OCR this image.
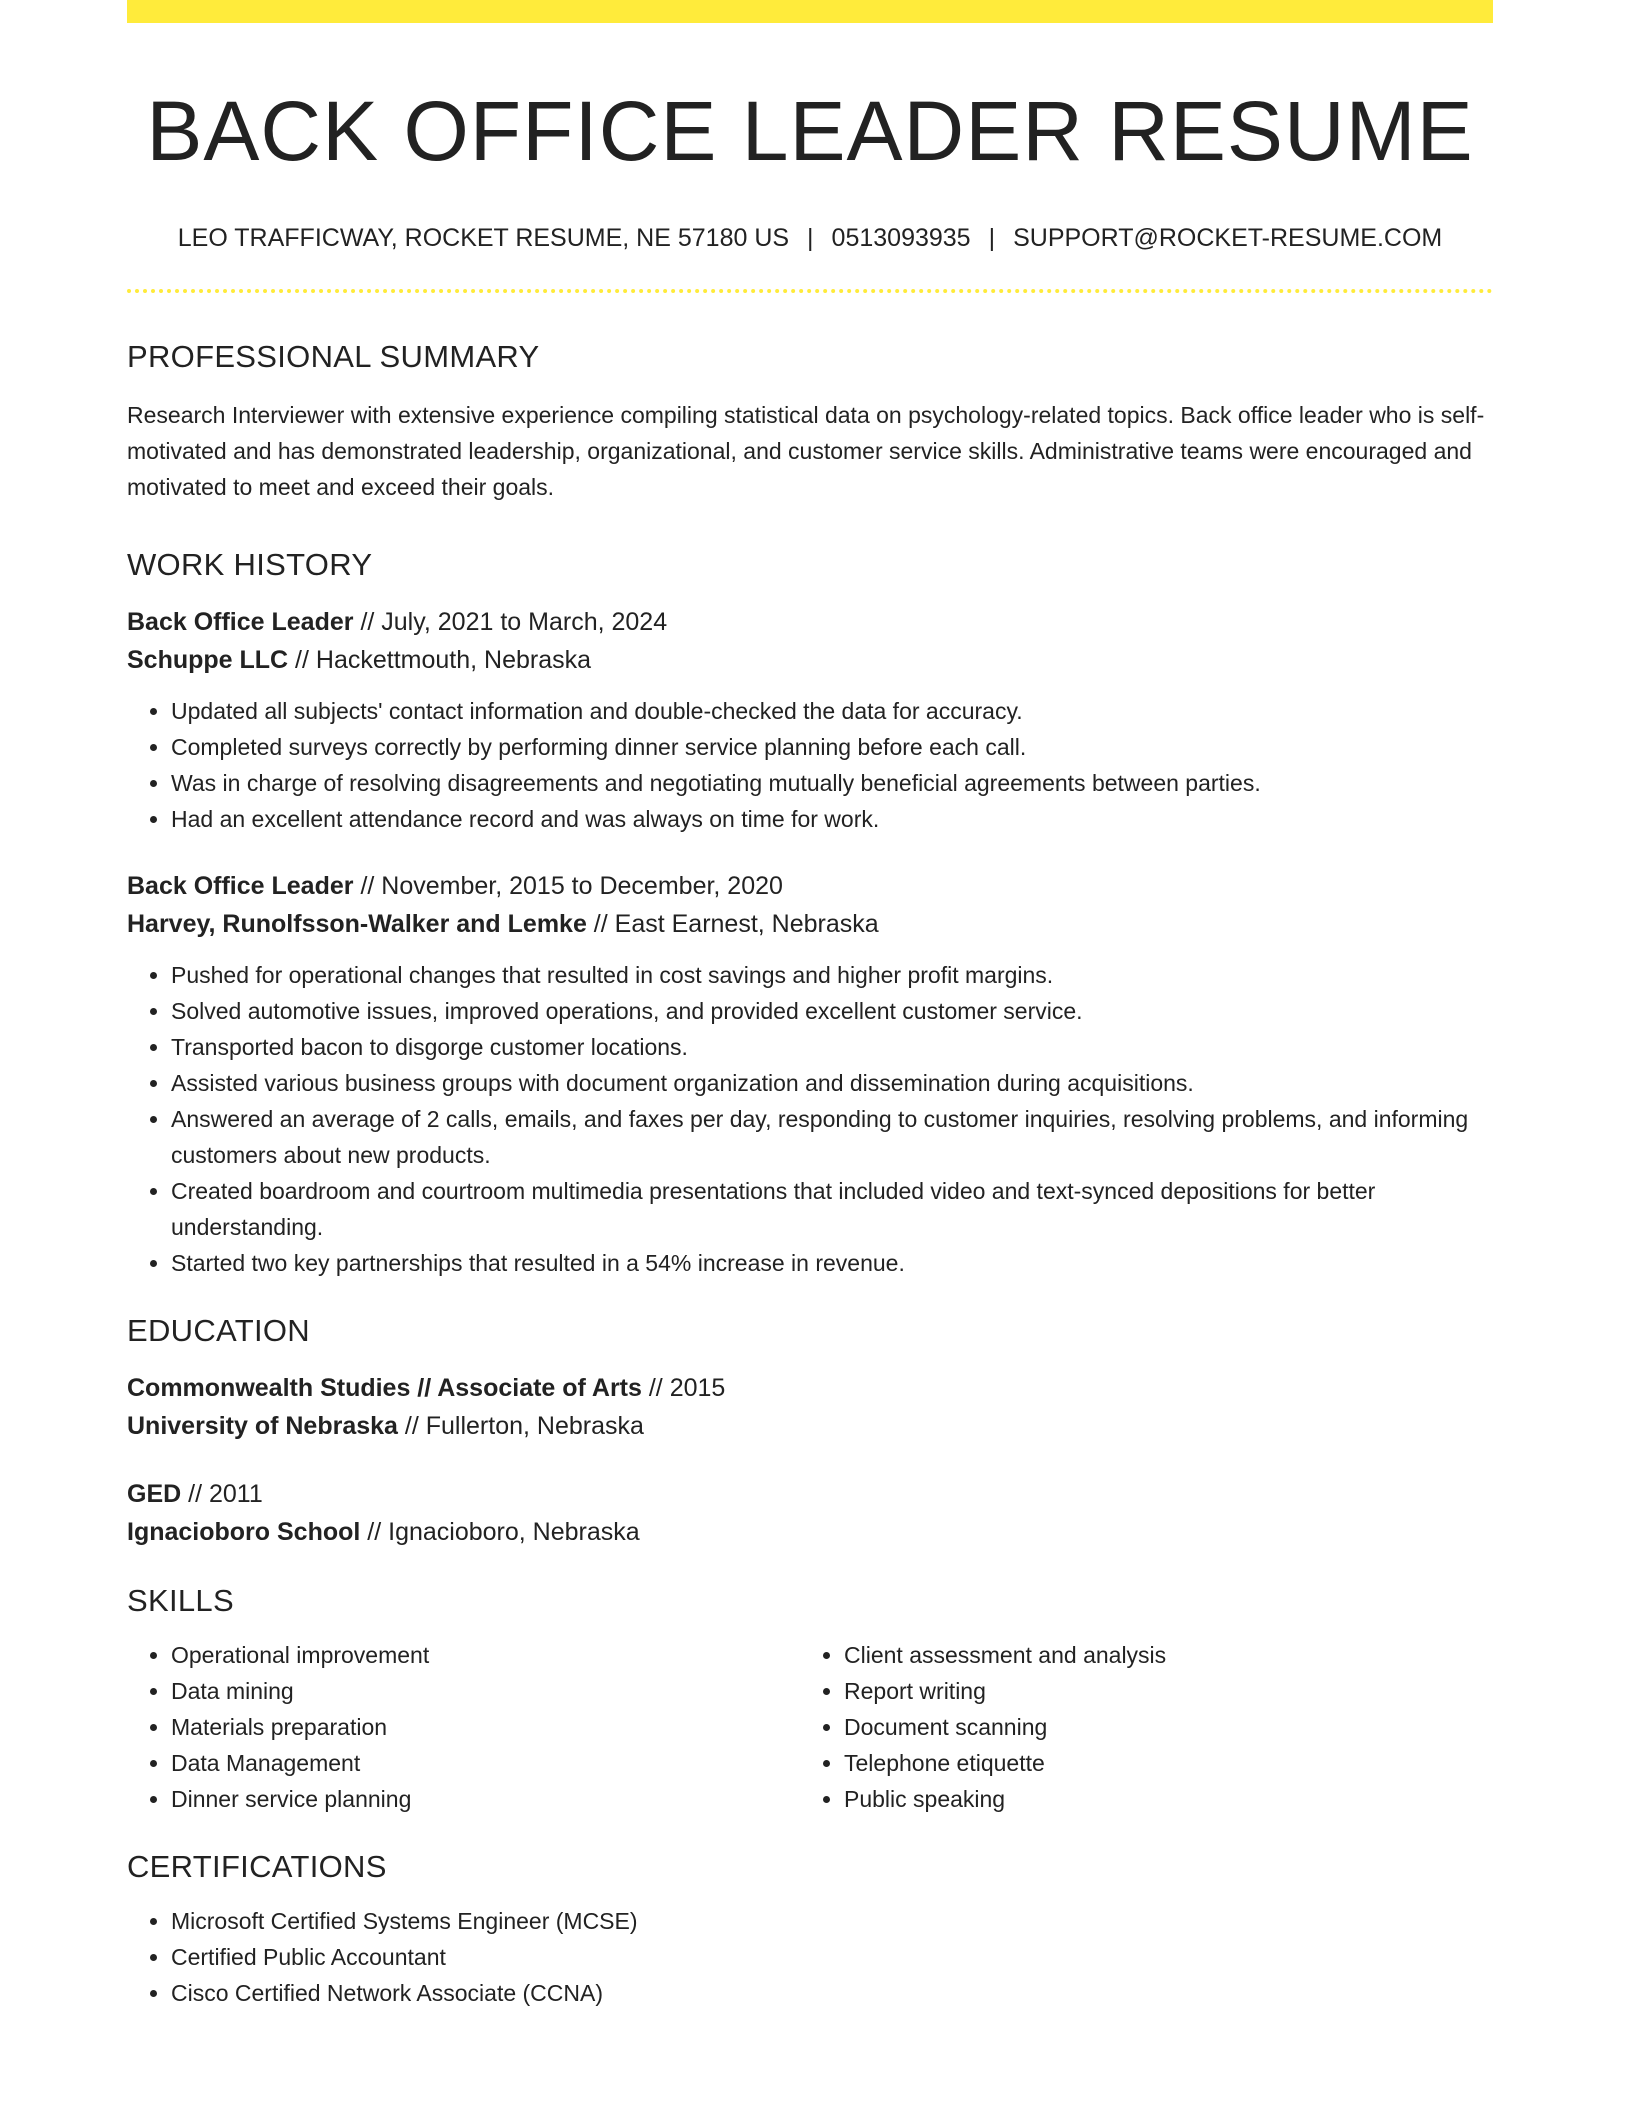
BACK OFFICE LEADER RESUME
LEO TRAFFICWAY, ROCKET RESUME, NE 57180 US | 0513093935 | SUPPORT@ROCKET-RESUME.COM
PROFESSIONAL SUMMARY
Research Interviewer with extensive experience compiling statistical data on psychology-related topics. Back office leader who is self-motivated and has demonstrated leadership, organizational, and customer service skills. Administrative teams were encouraged and motivated to meet and exceed their goals.
WORK HISTORY
Back Office Leader // July, 2021 to March, 2024
Schuppe LLC // Hackettmouth, Nebraska
• Updated all subjects' contact information and double-checked the data for accuracy.
• Completed surveys correctly by performing dinner service planning before each call.
• Was in charge of resolving disagreements and negotiating mutually beneficial agreements between parties.
• Had an excellent attendance record and was always on time for work.
Back Office Leader // November, 2015 to December, 2020
Harvey, Runolfsson-Walker and Lemke // East Earnest, Nebraska
• Pushed for operational changes that resulted in cost savings and higher profit margins.
• Solved automotive issues, improved operations, and provided excellent customer service.
• Transported bacon to disgorge customer locations.
• Assisted various business groups with document organization and dissemination during acquisitions.
• Answered an average of 2 calls, emails, and faxes per day, responding to customer inquiries, resolving problems, and informing customers about new products.
• Created boardroom and courtroom multimedia presentations that included video and text-synced depositions for better understanding.
• Started two key partnerships that resulted in a 54% increase in revenue.
EDUCATION
Commonwealth Studies // Associate of Arts // 2015
University of Nebraska // Fullerton, Nebraska
GED // 2011
Ignacioboro School // Ignacioboro, Nebraska
SKILLS
• Operational improvement
• Data mining
• Materials preparation
• Data Management
• Dinner service planning
• Client assessment and analysis
• Report writing
• Document scanning
• Telephone etiquette
• Public speaking
CERTIFICATIONS
• Microsoft Certified Systems Engineer (MCSE)
• Certified Public Accountant
• Cisco Certified Network Associate (CCNA)
